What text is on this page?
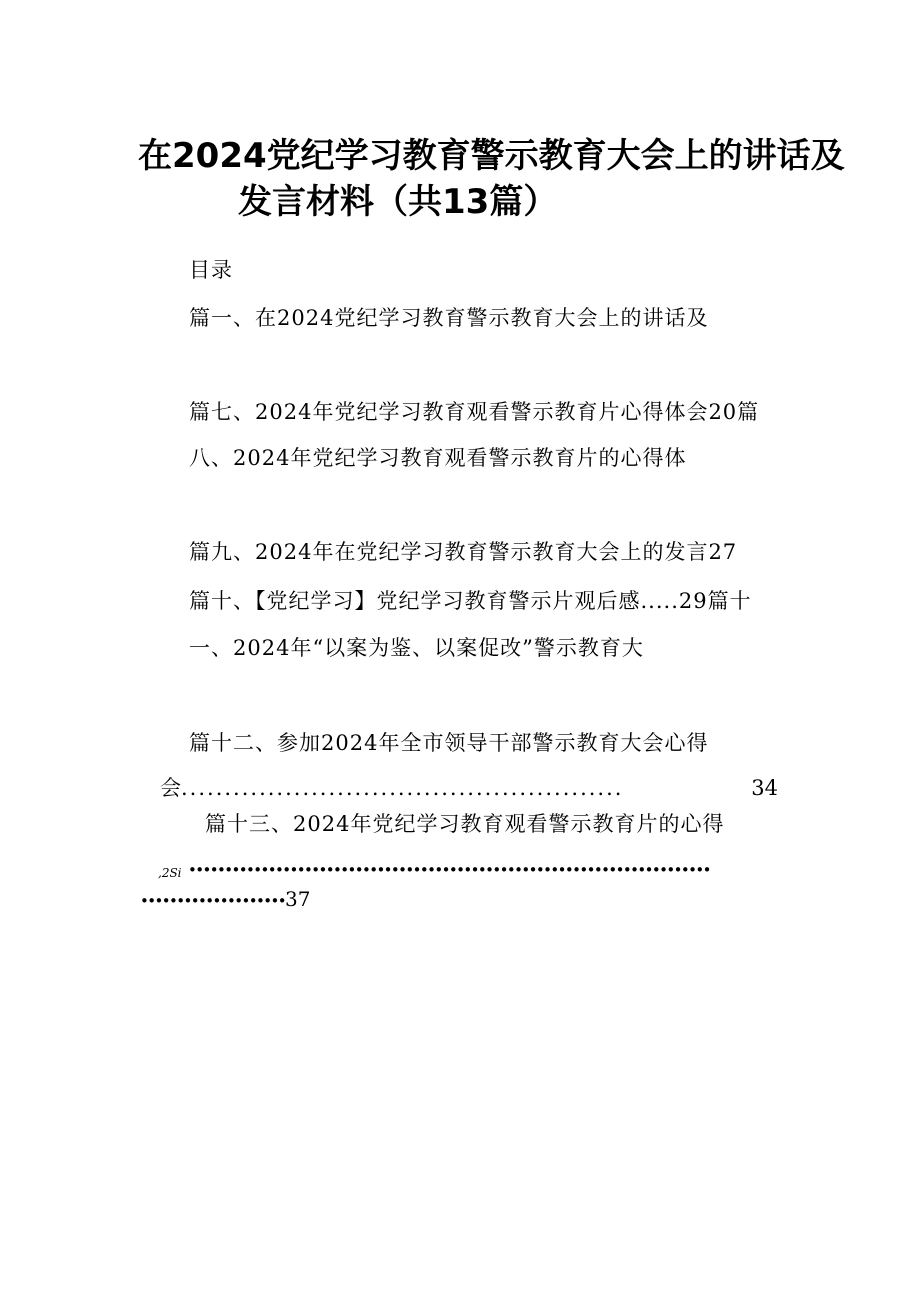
在2024党纪学习教育警示教育大会上的讲话及
发言材料（共13篇）
目录
篇一、在2024党纪学习教育警示教育大会上的讲话及
篇七、2024年党纪学习教育观看警示教育片心得体会20篇
八、2024年党纪学习教育观看警示教育片的心得体
篇九、2024年在党纪学习教育警示教育大会上的发言27
篇十、【党纪学习】党纪学习教育警示片观后感.....29篇十
一、2024年“以案为鉴、以案促改”警示教育大
篇十二、参加2024年全市领导干部警示教育大会心得
会...................................................	34
篇十三、2024年党纪学习教育观看警示教育片的心得
,2Si ••••••••••••••••••••••••••••••••••••••••••••••••••••••••••••••••••••••••
••••••••••••••••••••37
